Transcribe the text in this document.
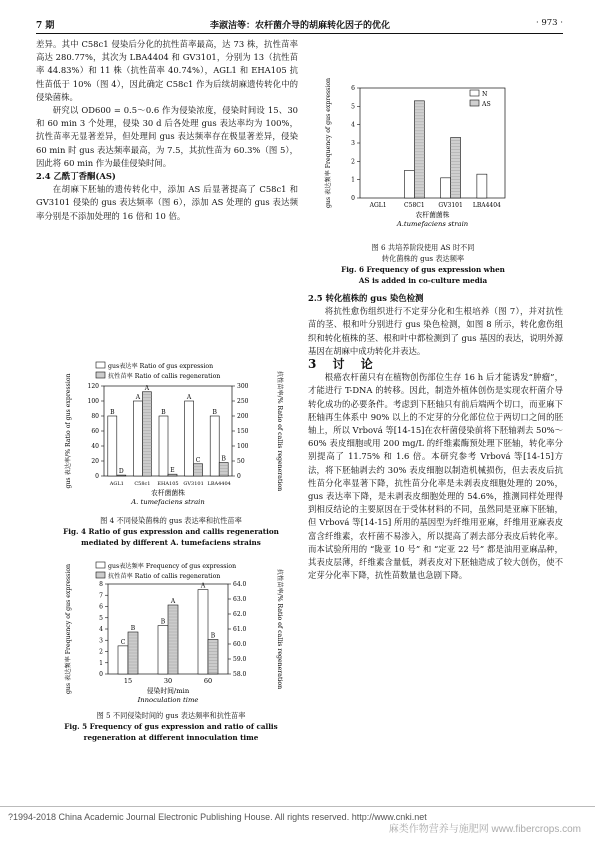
7 期	李淑洁等：农杆菌介导的胡麻转化因子的优化	· 973 ·

差异。其中 C58c1 侵染后分化的抗性苗率最高，达 73 株，抗性苗率高达 280.77%，其次为 LBA4404 和 GV3101，分别为 13（抗性苗率 44.83%）和 11 株（抗性苗率 40.74%），AGL1 和 EHA105 抗性苗低于 10%（图 4），因此确定 C58c1 作为后续胡麻遗传转化中的侵染菌株。

研究以 OD600 = 0.5～0.6 作为侵染浓度，侵染时间设 15、30 和 60 min 3 个处理，侵染 30 d 后各处理 gus 表达率均为 100%，抗性苗率无显著差异，但处理间 gus 表达频率存在极显著差异，侵染 60 min 时 gus 表达频率最高，为 7.5，其抗性苗为 60.3%（图 5），因此将 60 min 作为最佳侵染时间。

2.4 乙酰丁香酮(AS)

在胡麻下胚轴的遗传转化中，添加 AS 后显著提高了 C58c1 和 GV3101 侵染的 gus 表达频率（图 6），添加 AS 处理的 gus 表达频率分别是不添加处理的 16 倍和 10 倍。

gus表达率 Ratio of gus expression
抗性苗率 Ratio of callis regeneration
0
20
40
60
80
100
120
0
50
100
150
200
250
300
AGL1
B
D
C58c1
A
A
EHA105
B
E
GV3101
A
C
LBA4404
B
B
农杆菌菌株
A. tumefaciens strain
gus 表达率/% Ratio of gus expression	抗性苗率/% Ratio of callis regeneration
图 4 不同侵染菌株的 gus 表达率和抗性苗率
Fig. 4 Ratio of gus expression and callis regeneration
mediated by different A. tumefaciens strains
gus表达频率 Frequency of gus expression
抗性苗率 Ratio of callis regeneration
0
1
2
3
4
5
6
7
8
58.0
59.0
60.0
61.0
62.0
63.0
64.0
15
C
B
30
B
A
60
A
B
侵染时间/min
Innoculation time
gus 表达频率 Frequency of gus expression	抗性苗率/% Ratio of callis regeneration
图 5 不同侵染时间的 gus 表达频率和抗性苗率
Fig. 5 Frequency of gus expression and ratio of callis
regeneration at different innoculation time
N
AS
0
1
2
3
4
5
6
AGL1	C58C1 GV3101 LBA4404
农杆菌菌株
A.tumefaciens strain
gus 表达频率 Frequency of gus expression
图 6 共培养阶段使用 AS 时不同
转化菌株的 gus 表达频率
Fig. 6 Frequency of gus expression when
AS is added in co-culture media

2.5 转化植株的 gus 染色检测

将抗性愈伤组织进行不定芽分化和生根培养（图 7），并对抗性苗的茎、根和叶分别进行 gus 染色检测，如图 8 所示，转化愈伤组织和转化植株的茎、根和叶中都检测到了 gus 基因的表达，说明外源基因在胡麻中成功转化并表达。

3 讨 论

根癌农杆菌只有在植物创伤部位生存 16 h 后才能诱发“肿瘤”，才能进行 T-DNA 的转移。因此，制造外植体创伤是实现农杆菌介导转化成功的必要条件。考虑到下胚轴只有前后端两个切口，而亚麻下胚轴再生体系中 90% 以上的不定芽的分化部位位于两切口之间的胚轴上，所以 Vrbová 等[14-15]在农杆菌侵染前将下胚轴剥去 50%～60% 表皮细胞或用 200 mg/L 的纤维素酶预处理下胚轴，转化率分别提高了 11.75% 和 1.6 倍。本研究参考 Vrbová 等[14-15]方法，将下胚轴剥去约 30% 表皮细胞以制造机械损伤，但去表皮后抗性苗分化率显著下降，抗性苗分化率是未剥表皮细胞处理的 20%，gus 表达率下降，是未剥表皮细胞处理的 54.6%，推测同样处理得到相反结论的主要原因在于受体材料的不同，虽然同是亚麻下胚轴，但 Vrbová 等[14-15] 所用的基因型为纤维用亚麻，纤维用亚麻表皮富含纤维素，农杆菌不易渗入，所以提高了剥去部分表皮后转化率。而本试验所用的 “陇亚 10 号” 和 “定亚 22 号” 都是油用亚麻品种，其表皮层薄，纤维素含量低，剥表皮对下胚轴造成了较大创伤，使不定芽分化率下降，抗性苗数量也急剧下降。

?1994-2018 China Academic Journal Electronic Publishing House. All rights reserved. http://www.cnki.net
麻类作物营养与施肥网 www.fibercrops.com
